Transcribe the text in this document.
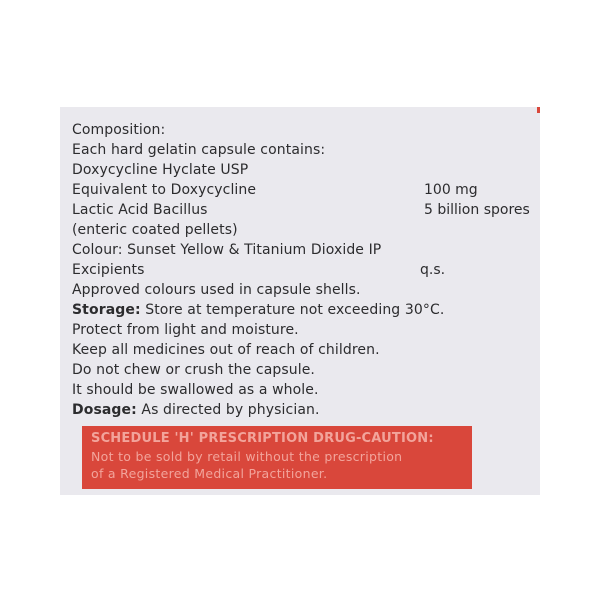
Composition:
Each hard gelatin capsule contains:
Doxycycline Hyclate USP
Equivalent to Doxycycline	100 mg
Lactic Acid Bacillus	5 billion spores
(enteric coated pellets)
Colour: Sunset Yellow & Titanium Dioxide IP
Excipients	q.s.
Approved colours used in capsule shells.
Storage: Store at temperature not exceeding 30°C.
Protect from light and moisture.
Keep all medicines out of reach of children.
Do not chew or crush the capsule.
It should be swallowed as a whole.
Dosage: As directed by physician.
SCHEDULE 'H' PRESCRIPTION DRUG-CAUTION:
Not to be sold by retail without the prescription
of a Registered Medical Practitioner.
